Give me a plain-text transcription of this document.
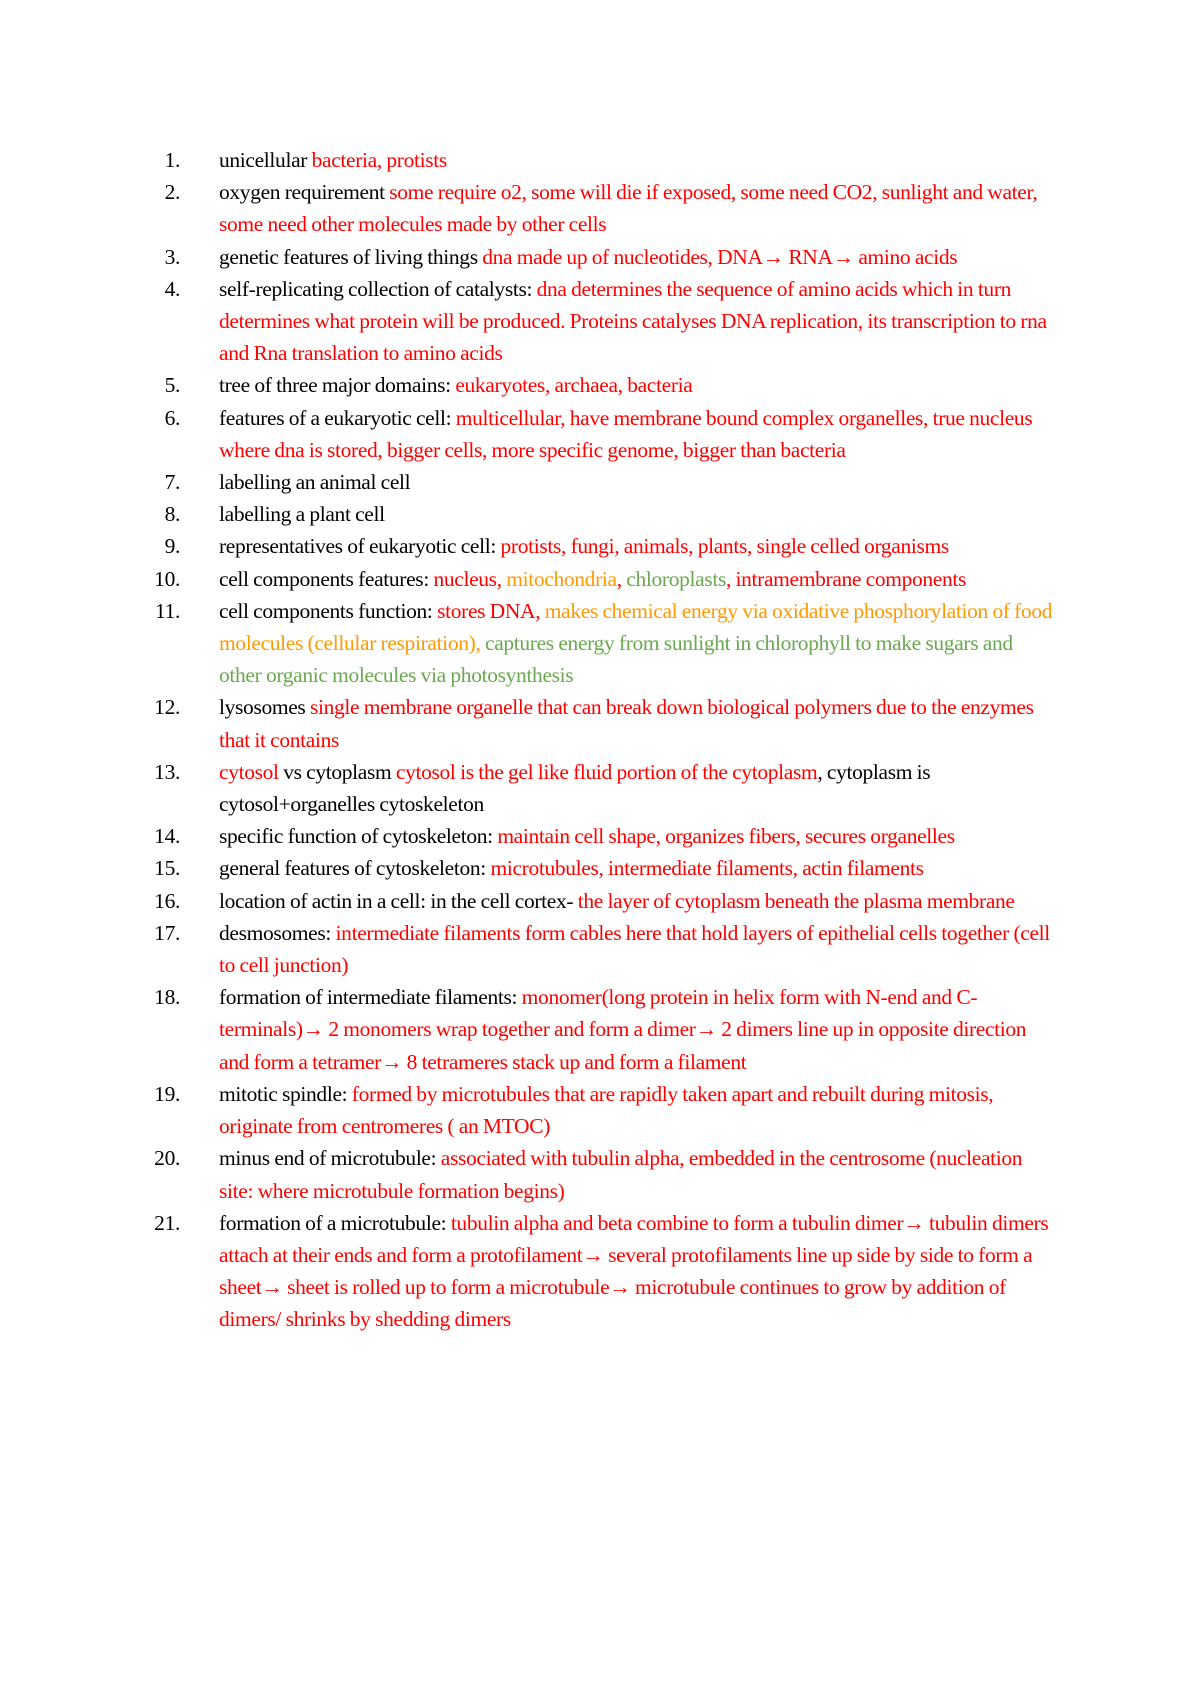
1. unicellular bacteria, protists
2. oxygen requirement some require o2, some will die if exposed, some need CO2, sunlight and water, some need other molecules made by other cells
3. genetic features of living things dna made up of nucleotides, DNA→ RNA→ amino acids
4. self-replicating collection of catalysts: dna determines the sequence of amino acids which in turn determines what protein will be produced. Proteins catalyses DNA replication, its transcription to rna and Rna translation to amino acids
5. tree of three major domains: eukaryotes, archaea, bacteria
6. features of a eukaryotic cell: multicellular, have membrane bound complex organelles, true nucleus where dna is stored, bigger cells, more specific genome, bigger than bacteria
7. labelling an animal cell
8. labelling a plant cell
9. representatives of eukaryotic cell: protists, fungi, animals, plants, single celled organisms
10. cell components features: nucleus, mitochondria, chloroplasts, intramembrane components
11. cell components function: stores DNA, makes chemical energy via oxidative phosphorylation of food molecules (cellular respiration), captures energy from sunlight in chlorophyll to make sugars and other organic molecules via photosynthesis
12. lysosomes single membrane organelle that can break down biological polymers due to the enzymes that it contains
13. cytosol vs cytoplasm cytosol is the gel like fluid portion of the cytoplasm, cytoplasm is cytosol+organelles cytoskeleton
14. specific function of cytoskeleton: maintain cell shape, organizes fibers, secures organelles
15. general features of cytoskeleton: microtubules, intermediate filaments, actin filaments
16. location of actin in a cell: in the cell cortex- the layer of cytoplasm beneath the plasma membrane
17. desmosomes: intermediate filaments form cables here that hold layers of epithelial cells together (cell to cell junction)
18. formation of intermediate filaments: monomer(long protein in helix form with N-end and C- terminals)→ 2 monomers wrap together and form a dimer→ 2 dimers line up in opposite direction and form a tetramer→ 8 tetrameres stack up and form a filament
19. mitotic spindle: formed by microtubules that are rapidly taken apart and rebuilt during mitosis, originate from centromeres ( an MTOC)
20. minus end of microtubule: associated with tubulin alpha, embedded in the centrosome (nucleation site: where microtubule formation begins)
21. formation of a microtubule: tubulin alpha and beta combine to form a tubulin dimer→ tubulin dimers attach at their ends and form a protofilament→ several protofilaments line up side by side to form a sheet→ sheet is rolled up to form a microtubule→ microtubule continues to grow by addition of dimers/ shrinks by shedding dimers
